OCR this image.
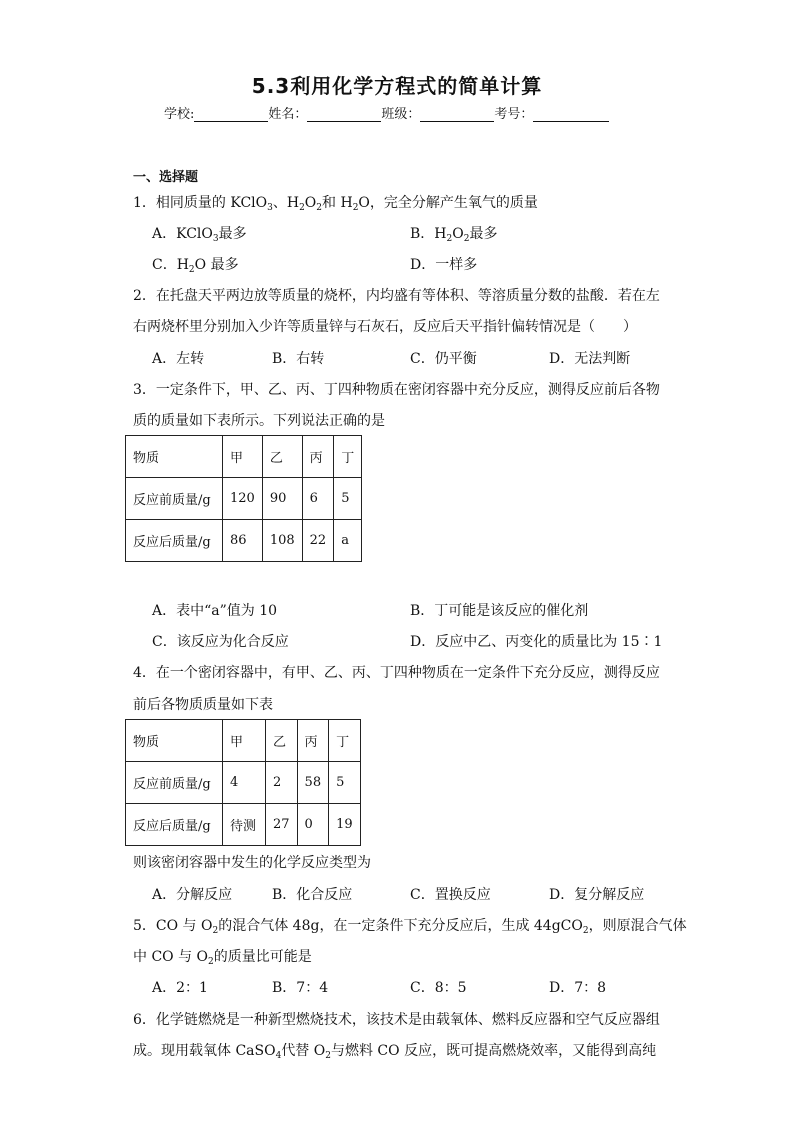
5.3利用化学方程式的简单计算
学校:	姓名：	班级：	考号：
一、选择题
1．相同质量的 KClO$_3$、$H_2O_2$和 $H_2O$，完全分解产生氧气的质量
A．KClO$_3$最多	B．$H_2O_2$最多
C．$H_2O$ 最多	D．一样多
2．在托盘天平两边放等质量的烧杯，内均盛有等体积、等溶质量分数的盐酸．若在左
右两烧杯里分别加入少许等质量锌与石灰石，反应后天平指针偏转情况是（　　）
A．左转	B．右转	C．仍平衡	D．无法判断
3．一定条件下，甲、乙、丙、丁四种物质在密闭容器中充分反应，测得反应前后各物
质的质量如下表所示。下列说法正确的是
物质	甲	乙	丙	丁
反应前质量/g	120	90	6	5
反应后质量/g	86	108	22	a
A．表中“a”值为 10	B．丁可能是该反应的催化剂
C．该反应为化合反应	D．反应中乙、丙变化的质量比为 15∶1
4．在一个密闭容器中，有甲、乙、丙、丁四种物质在一定条件下充分反应，测得反应
前后各物质质量如下表
物质	甲	乙	丙	丁
反应前质量/g	4	2	58	5
反应后质量/g	待测	27	0	19
则该密闭容器中发生的化学反应类型为
A．分解反应	B．化合反应	C．置换反应	D．复分解反应
5．CO 与 $O_2$的混合气体 48g，在一定条件下充分反应后，生成 44gCO$_2$，则原混合气体
中 CO 与 $O_2$的质量比可能是
A．2：1	B．7：4	C．8：5	D．7：8
6．化学链燃烧是一种新型燃烧技术，该技术是由载氧体、燃料反应器和空气反应器组
成。现用载氧体 CaSO$_4$代替 $O_2$与燃料 CO 反应，既可提高燃烧效率，又能得到高纯
